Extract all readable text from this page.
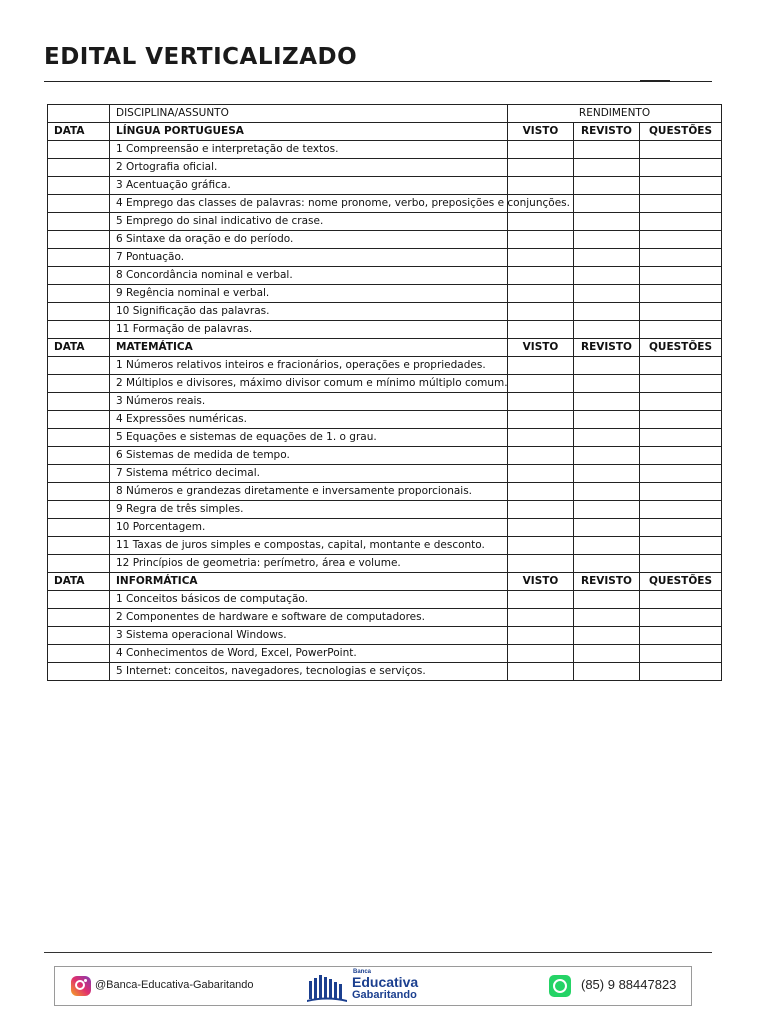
EDITAL VERTICALIZADO
	DISCIPLINA/ASSUNTO	RENDIMENTO		
DATA	LÍNGUA PORTUGUESA	VISTO	REVISTO	QUESTÕES
	1 Compreensão e interpretação de textos.			
	2 Ortografia oficial.			
	3 Acentuação gráfica.			
	4 Emprego das classes de palavras: nome pronome, verbo, preposições e conjunções.			
	5 Emprego do sinal indicativo de crase.			
	6 Sintaxe da oração e do período.			
	7 Pontuação.			
	8 Concordância nominal e verbal.			
	9 Regência nominal e verbal.			
	10 Significação das palavras.			
	11 Formação de palavras.			
DATA	MATEMÁTICA	VISTO	REVISTO	QUESTÕES
	1 Números relativos inteiros e fracionários, operações e propriedades.			
	2 Múltiplos e divisores, máximo divisor comum e mínimo múltiplo comum.			
	3 Números reais.			
	4 Expressões numéricas.			
	5 Equações e sistemas de equações de 1. o grau.			
	6 Sistemas de medida de tempo.			
	7 Sistema métrico decimal.			
	8 Números e grandezas diretamente e inversamente proporcionais.			
	9 Regra de três simples.			
	10 Porcentagem.			
	11 Taxas de juros simples e compostas, capital, montante e desconto.			
	12 Princípios de geometria: perímetro, área e volume.			
DATA	INFORMÁTICA	VISTO	REVISTO	QUESTÕES
	1 Conceitos básicos de computação.			
	2 Componentes de hardware e software de computadores.			
	3 Sistema operacional Windows.			
	4 Conhecimentos de Word, Excel, PowerPoint.			
	5 Internet: conceitos, navegadores, tecnologias e serviços.			
@Banca-Educativa-Gabaritando
Banca
Educativa
Gabaritando
(85) 9 88447823
